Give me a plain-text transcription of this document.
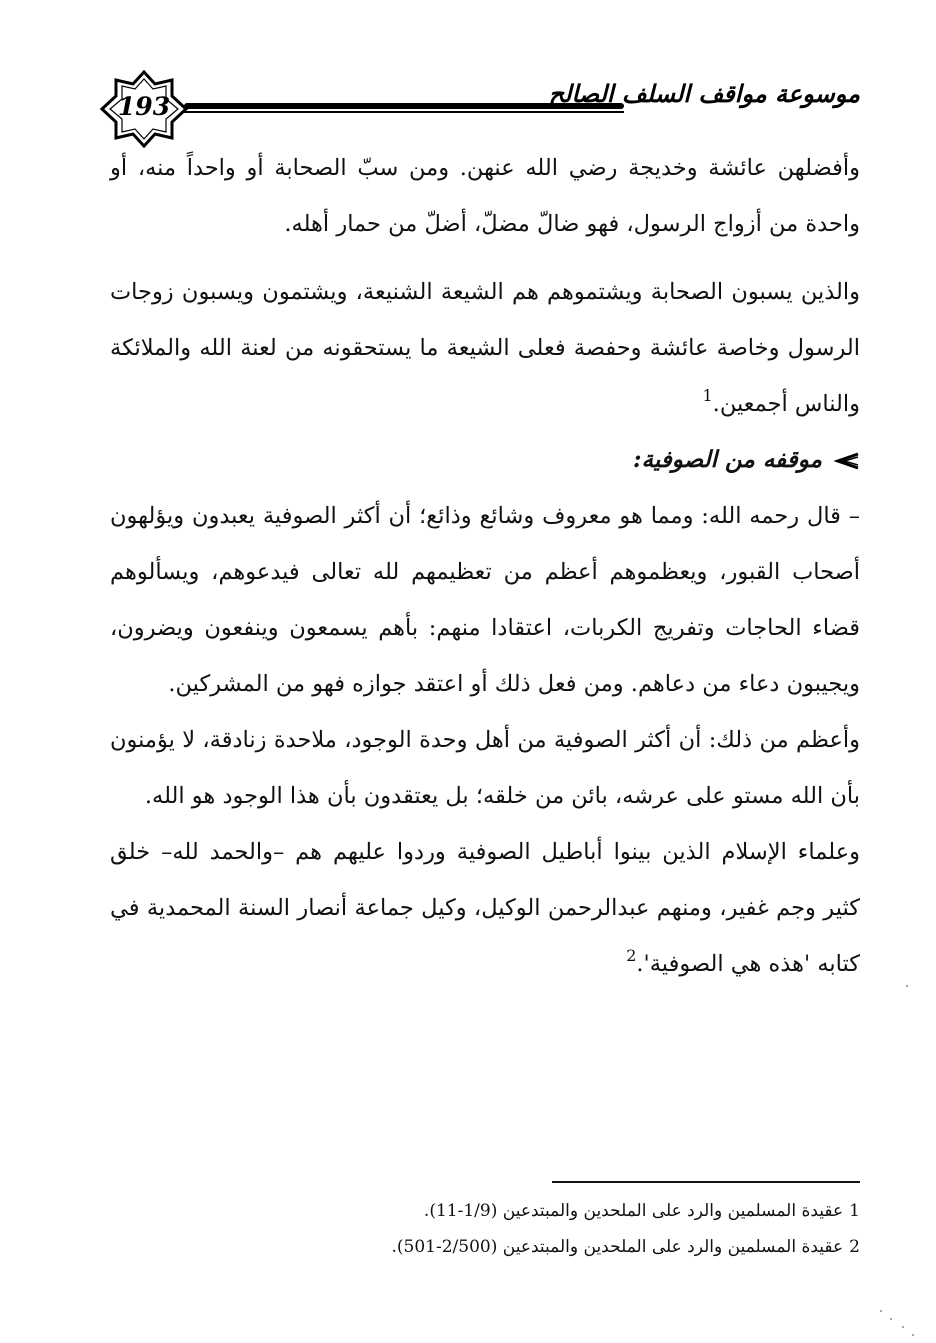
193	موسوعة مواقف السلف الصالح

وأفضلهن عائشة وخديجة رضي الله عنهن. ومن سبّ الصحابة أو واحداً منه، أو واحدة من أزواج الرسول، فهو ضالّ مضلّ، أضلّ من حمار أهله.

والذين يسبون الصحابة ويشتموهم هم الشيعة الشنيعة، ويشتمون ويسبون زوجات الرسول وخاصة عائشة وحفصة فعلى الشيعة ما يستحقونه من لعنة الله والملائكة والناس أجمعين.$^1$

موقفه من الصوفية:

– قال رحمه الله: ومما هو معروف وشائع وذائع؛ أن أكثر الصوفية يعبدون ويؤلهون أصحاب القبور، ويعظموهم أعظم من تعظيمهم لله تعالى فيدعوهم، ويسألوهم قضاء الحاجات وتفريج الكربات، اعتقادا منهم: بأهم يسمعون وينفعون ويضرون، ويجيبون دعاء من دعاهم. ومن فعل ذلك أو اعتقد جوازه فهو من المشركين.

وأعظم من ذلك: أن أكثر الصوفية من أهل وحدة الوجود، ملاحدة زنادقة، لا يؤمنون بأن الله مستو على عرشه، بائن من خلقه؛ بل يعتقدون بأن هذا الوجود هو الله.

وعلماء الإسلام الذين بينوا أباطيل الصوفية وردوا عليهم هم –والحمد لله– خلق كثير وجم غفير، ومنهم عبدالرحمن الوكيل، وكيل جماعة أنصار السنة المحمدية في كتابه 'هذه هي الصوفية'.$^2$

1عقيدة المسلمين والرد على الملحدين والمبتدعين (1/9-11).

2عقيدة المسلمين والرد على الملحدين والمبتدعين (2/500-501).
